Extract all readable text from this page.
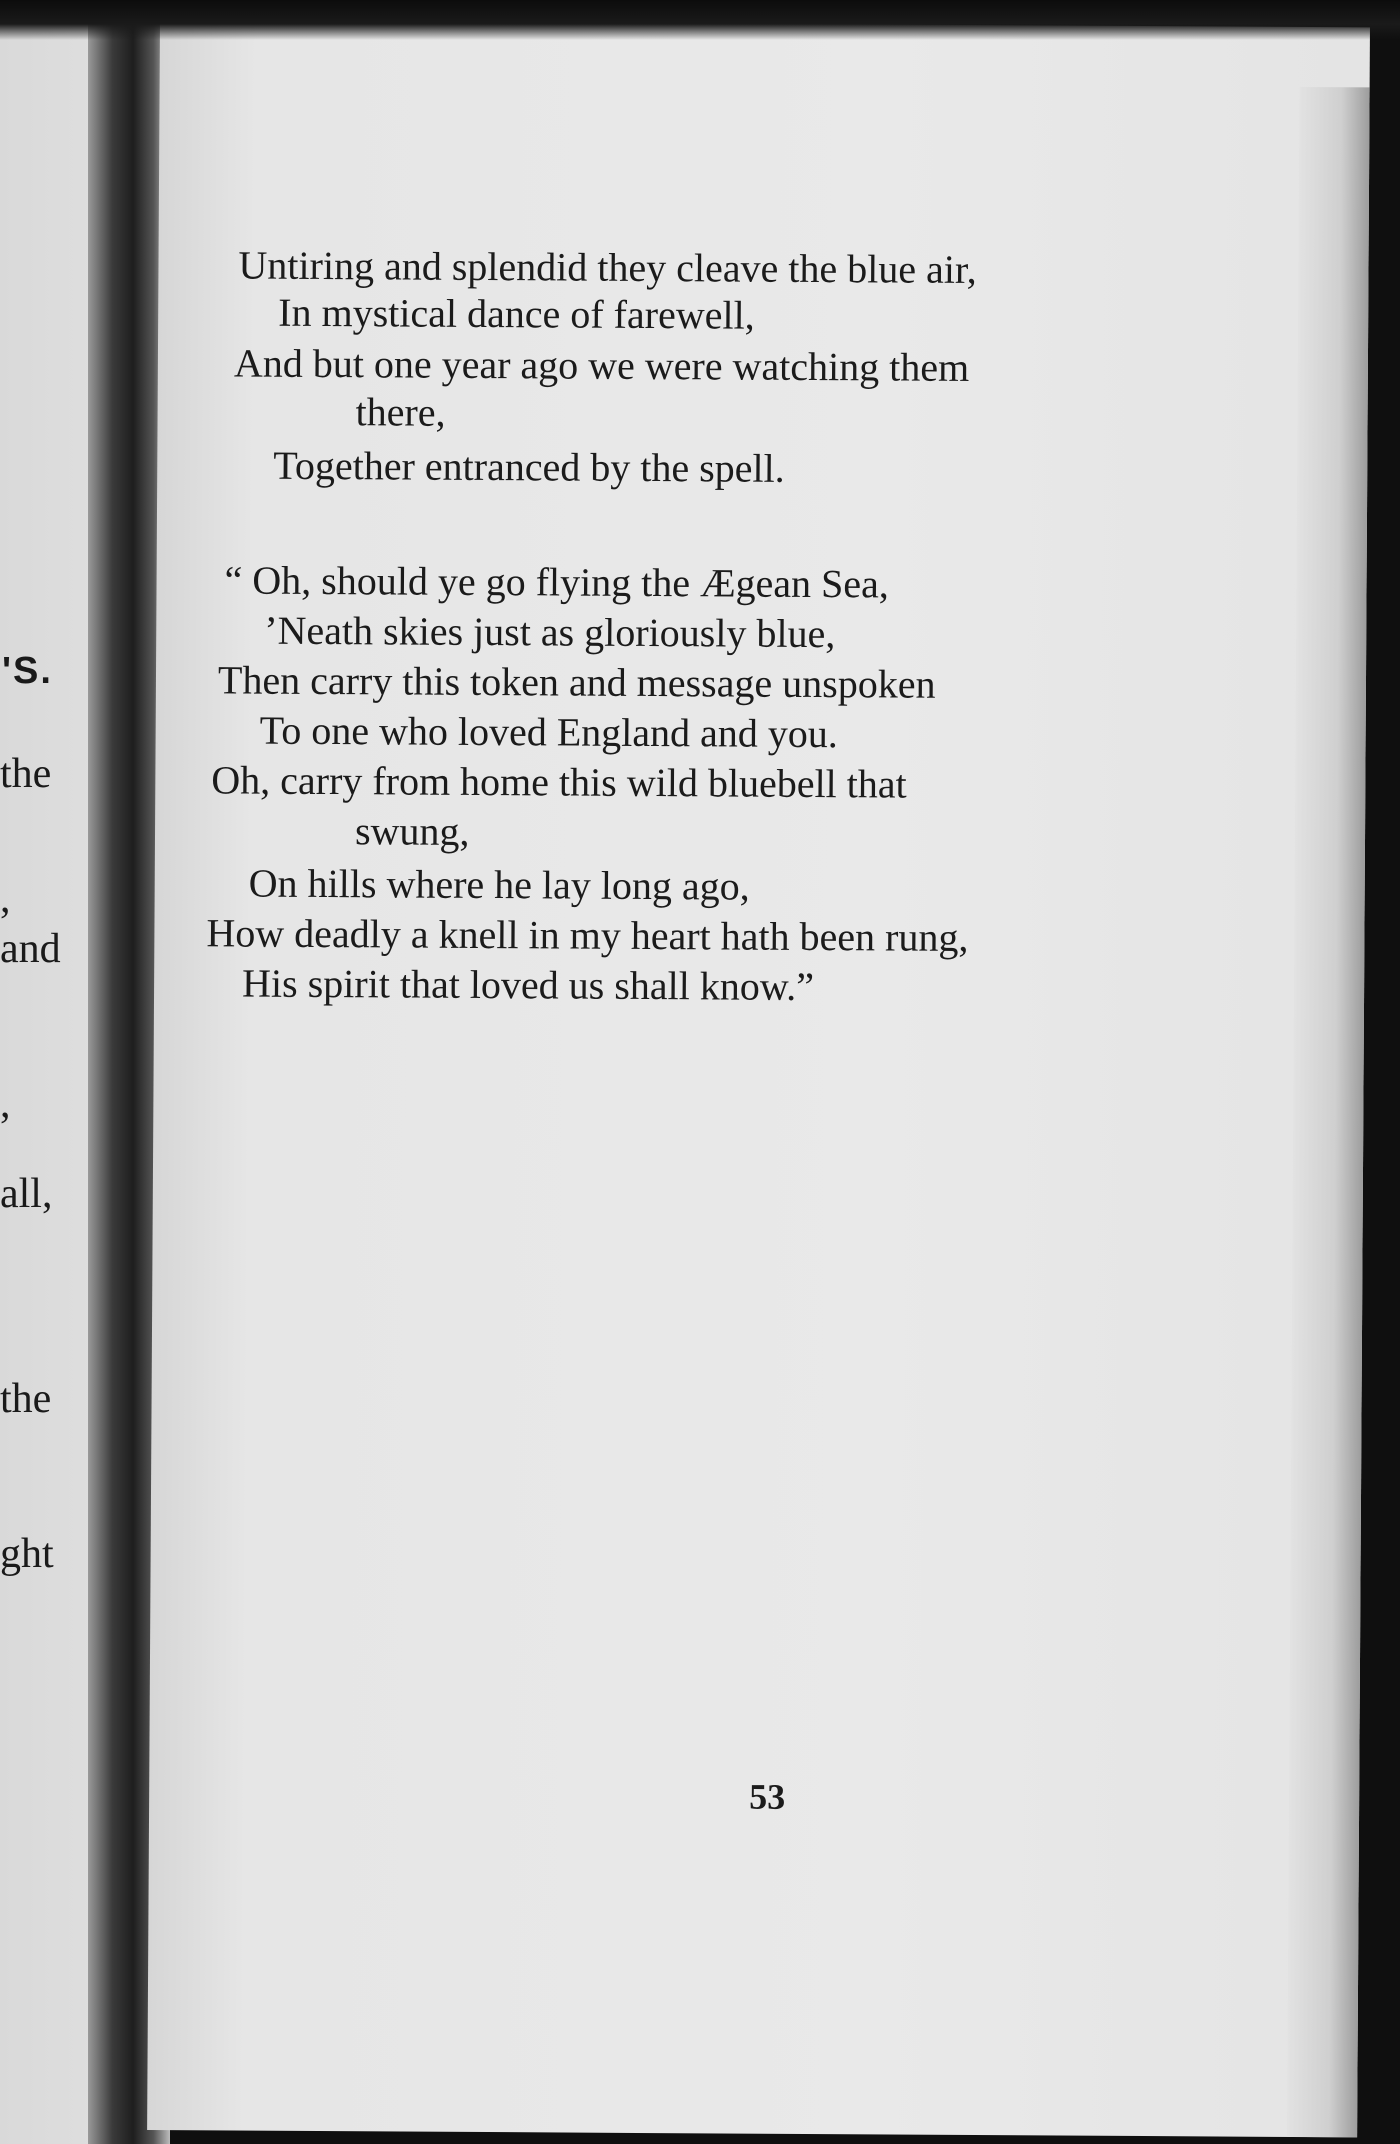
'S.
the
,
and
,
all,
the
ght
Untiring and splendid they cleave the blue air,
In mystical dance of farewell,
And but one year ago we were watching them
there,
Together entranced by the spell.
“ Oh, should ye go flying the Ægean Sea,
’Neath skies just as gloriously blue,
Then carry this token and message unspoken
To one who loved England and you.
Oh, carry from home this wild bluebell that
swung,
On hills where he lay long ago,
How deadly a knell in my heart hath been rung,
His spirit that loved us shall know.”
53
